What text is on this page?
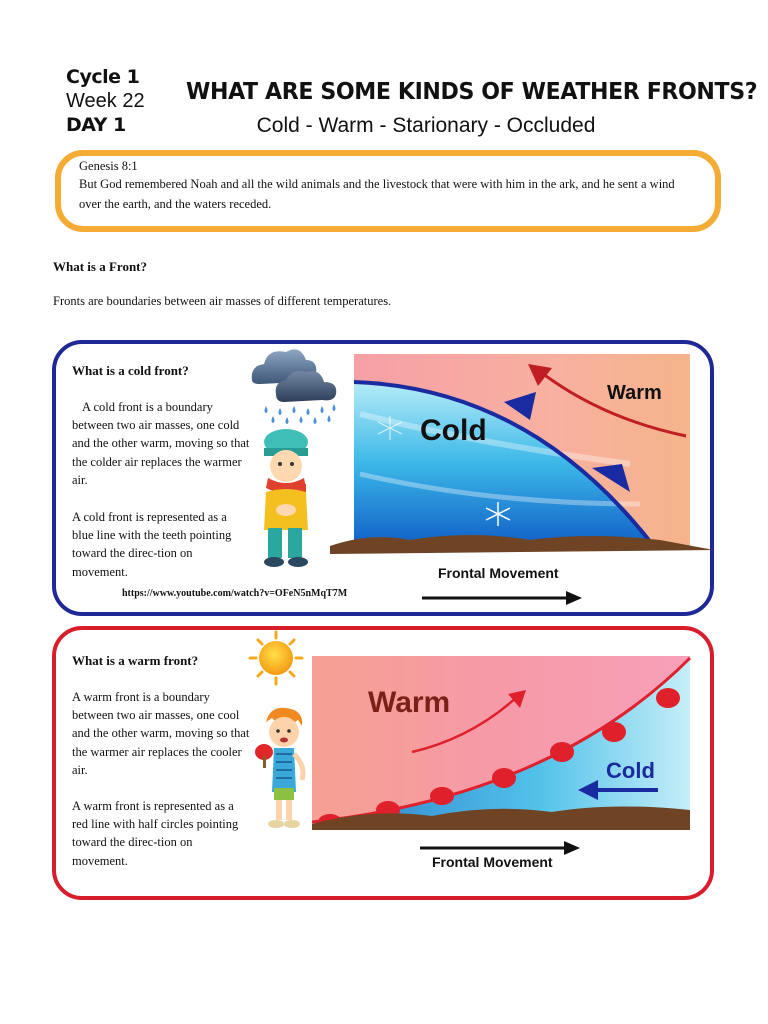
Cycle 1
Week 22
DAY 1
WHAT ARE SOME KINDS OF WEATHER FRONTS?
Cold - Warm - Starionary - Occluded
Genesis 8:1
But God remembered Noah and all the wild animals and the livestock that were with him in the ark, and he sent a wind over the earth, and the waters receded.
What is a Front?
Fronts are boundaries between air masses of different temperatures.
What is a cold front?
A cold front is a boundary between two air masses, one cold and the other warm, moving so that the colder air replaces the warmer air.
A cold front is represented as a blue line with the teeth pointing toward the direc-tion on movement.
https://www.youtube.com/watch?v=OFeN5nMqT7M
Cold
Warm
Frontal Movement
What is a warm front?
A warm front is a boundary between two air masses, one cool and the other warm, moving so that the warmer air replaces the cooler air.
A warm front is represented as a red line with half circles pointing toward the direc-tion on movement.
Warm
Cold
Frontal Movement
